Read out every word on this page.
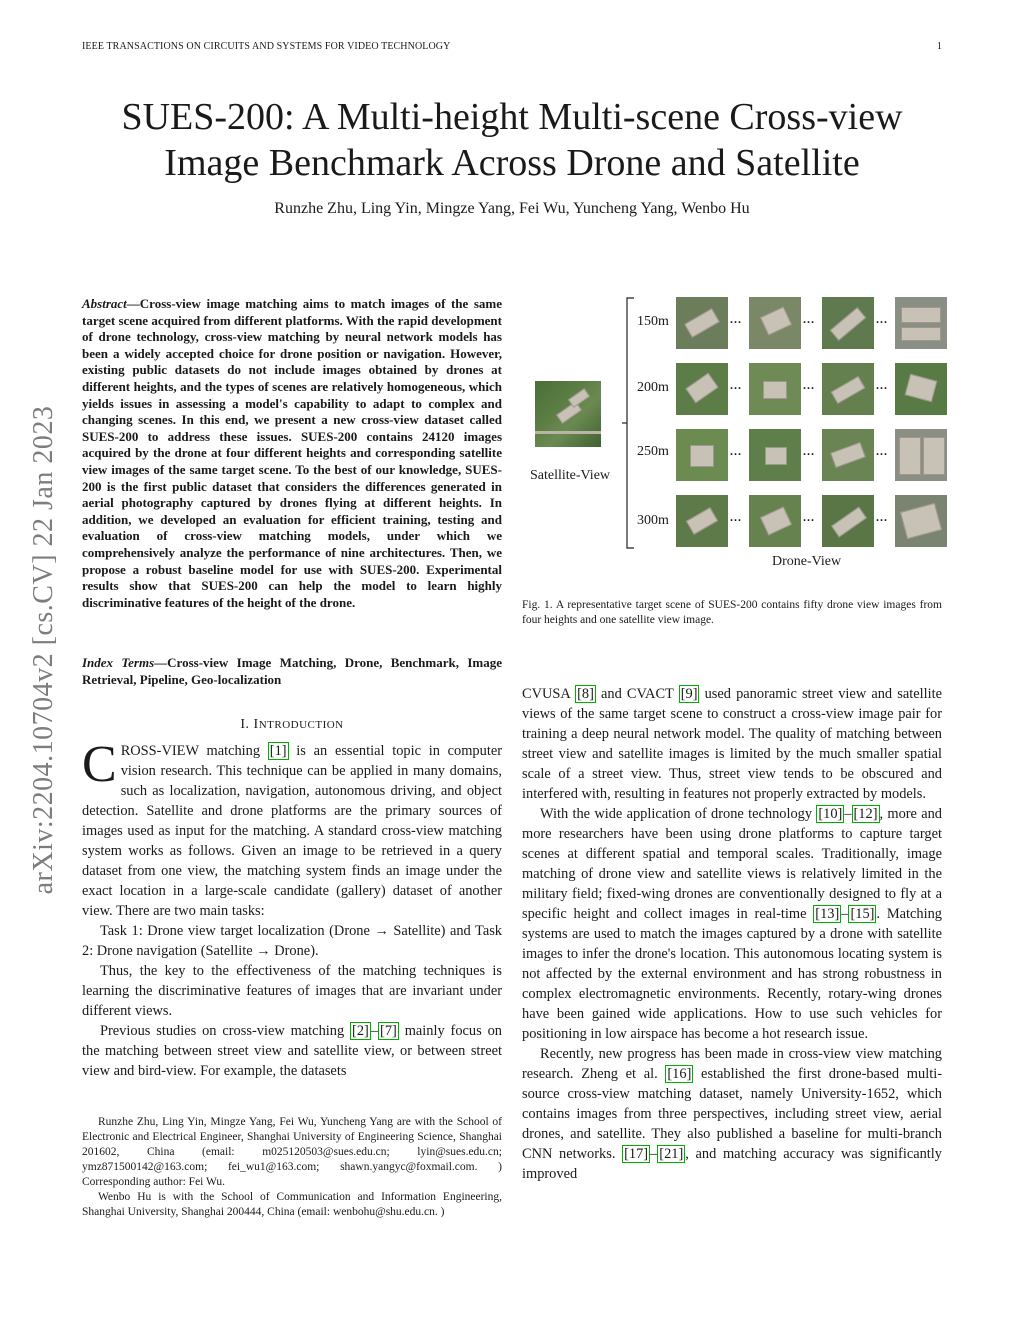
IEEE TRANSACTIONS ON CIRCUITS AND SYSTEMS FOR VIDEO TECHNOLOGY	1
arXiv:2204.10704v2 [cs.CV] 22 Jan 2023
SUES-200: A Multi-height Multi-scene Cross-view
Image Benchmark Across Drone and Satellite
Runzhe Zhu, Ling Yin, Mingze Yang, Fei Wu, Yuncheng Yang, Wenbo Hu
Abstract—Cross-view image matching aims to match images of the same target scene acquired from different platforms. With the rapid development of drone technology, cross-view matching by neural network models has been a widely accepted choice for drone position or navigation. However, existing public datasets do not include images obtained by drones at different heights, and the types of scenes are relatively homogeneous, which yields issues in assessing a model's capability to adapt to complex and changing scenes. In this end, we present a new cross-view dataset called SUES-200 to address these issues. SUES-200 contains 24120 images acquired by the drone at four different heights and corresponding satellite view images of the same target scene. To the best of our knowledge, SUES-200 is the first public dataset that considers the differences generated in aerial photography captured by drones flying at different heights. In addition, we developed an evaluation for efficient training, testing and evaluation of cross-view matching models, under which we comprehensively analyze the performance of nine architectures. Then, we propose a robust baseline model for use with SUES-200. Experimental results show that SUES-200 can help the model to learn highly discriminative features of the height of the drone.
Index Terms—Cross-view Image Matching, Drone, Benchmark, Image Retrieval, Pipeline, Geo-localization
I. INTRODUCTION

CROSS-VIEW matching [1] is an essential topic in computer vision research. This technique can be applied in many domains, such as localization, navigation, autonomous driving, and object detection. Satellite and drone platforms are the primary sources of images used as input for the matching. A standard cross-view matching system works as follows. Given an image to be retrieved in a query dataset from one view, the matching system finds an image under the exact location in a large-scale candidate (gallery) dataset of another view. There are two main tasks:

Task 1: Drone view target localization (Drone → Satellite) and Task 2: Drone navigation (Satellite → Drone).

Thus, the key to the effectiveness of the matching techniques is learning the discriminative features of images that are invariant under different views.

Previous studies on cross-view matching [2] – [7] mainly focus on the matching between street view and satellite view, or between street view and bird-view. For example, the datasets

Runzhe Zhu, Ling Yin, Mingze Yang, Fei Wu, Yuncheng Yang are with the School of Electronic and Electrical Engineer, Shanghai University of Engineering Science, Shanghai 201602, China (email: m025120503@sues.edu.cn; lyin@sues.edu.cn; ymz871500142@163.com; fei_wu1@163.com; shawn.yangyc@foxmail.com. ) Corresponding author: Fei Wu.

Wenbo Hu is with the School of Communication and Information Engineering, Shanghai University, Shanghai 200444, China (email: wenbohu@shu.edu.cn. )

Satellite-View
150m
200m
250m
300m
...	...	...
...	...	...
...	...	...
...	...	...
Drone-View
Fig. 1. A representative target scene of SUES-200 contains fifty drone view images from four heights and one satellite view image.

CVUSA [8] and CVACT [9] used panoramic street view and satellite views of the same target scene to construct a cross-view image pair for training a deep neural network model. The quality of matching between street view and satellite images is limited by the much smaller spatial scale of a street view. Thus, street view tends to be obscured and interfered with, resulting in features not properly extracted by models.

With the wide application of drone technology [10] – [12] , more and more researchers have been using drone platforms to capture target scenes at different spatial and temporal scales. Traditionally, image matching of drone view and satellite views is relatively limited in the military field; fixed-wing drones are conventionally designed to fly at a specific height and collect images in real-time [13] – [15] . Matching systems are used to match the images captured by a drone with satellite images to infer the drone's location. This autonomous locating system is not affected by the external environment and has strong robustness in complex electromagnetic environments. Recently, rotary-wing drones have been gained wide applications. How to use such vehicles for positioning in low airspace has become a hot research issue.

Recently, new progress has been made in cross-view view matching research. Zheng et al. [16] established the first drone-based multi-source cross-view matching dataset, namely University-1652, which contains images from three perspectives, including street view, aerial drones, and satellite. They also published a baseline for multi-branch CNN networks. [17] – [21] , and matching accuracy was significantly improved
